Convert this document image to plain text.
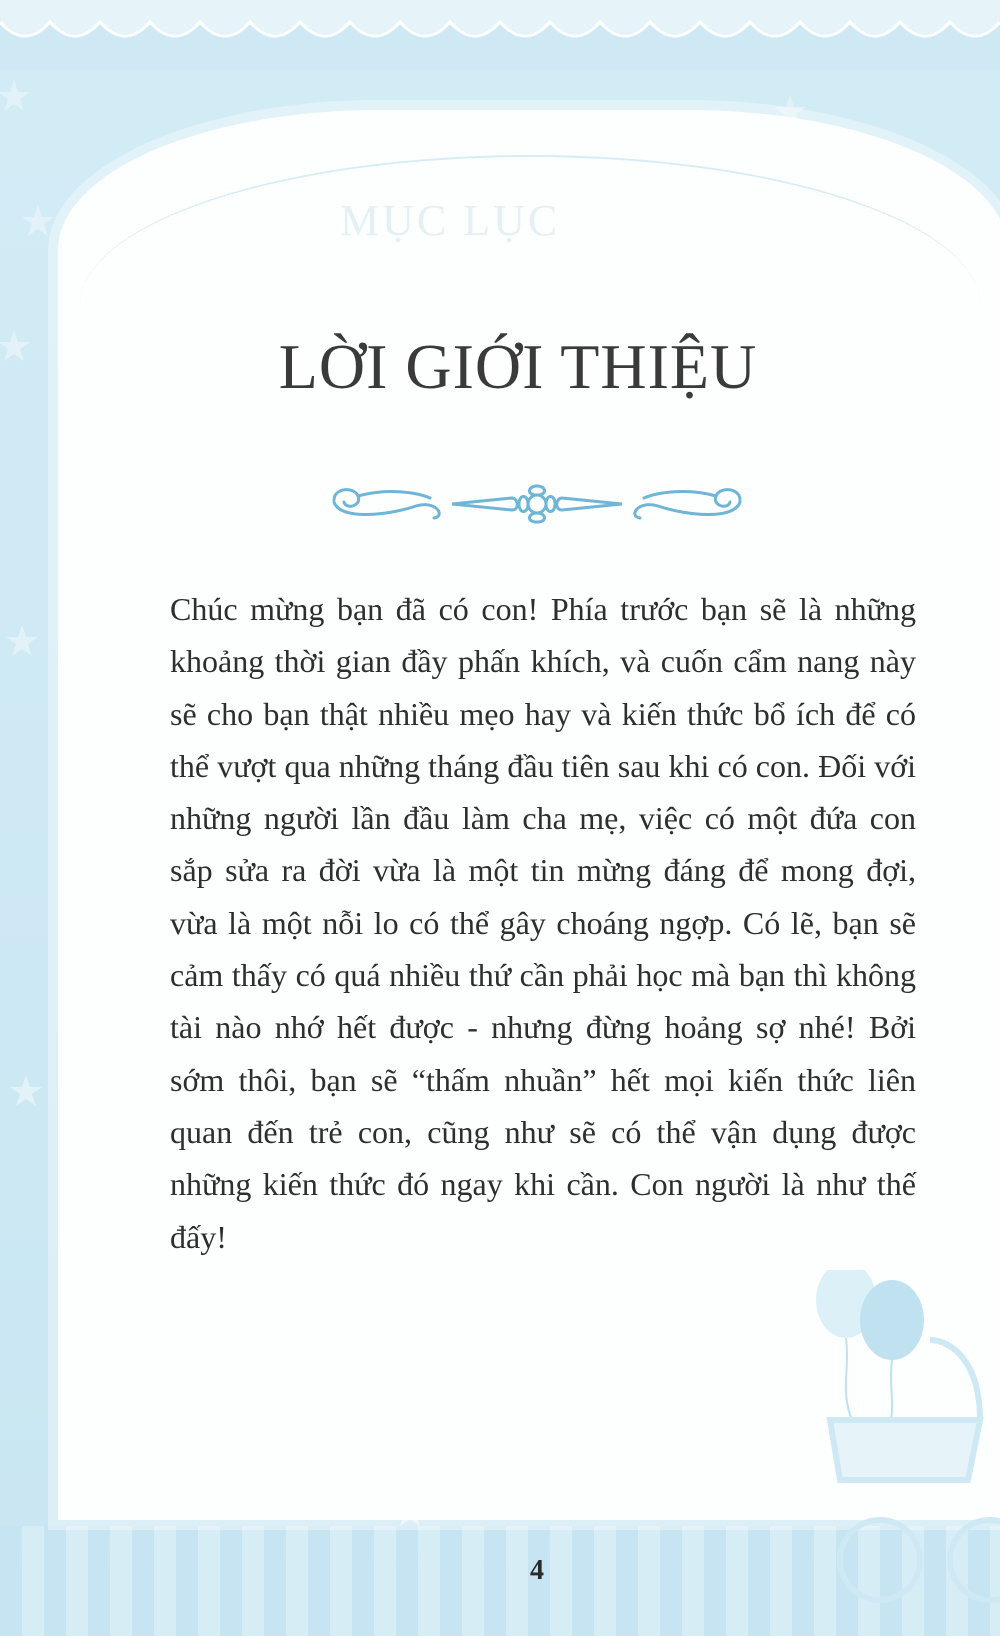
MỤC LỤC
LỜI GIỚI THIỆU

Chúc mừng bạn đã có con! Phía trước bạn sẽ là những khoảng thời gian đầy phấn khích, và cuốn cẩm nang này sẽ cho bạn thật nhiều mẹo hay và kiến thức bổ ích để có thể vượt qua những tháng đầu tiên sau khi có con. Đối với những người lần đầu làm cha mẹ, việc có một đứa con sắp sửa ra đời vừa là một tin mừng đáng để mong đợi, vừa là một nỗi lo có thể gây choáng ngợp. Có lẽ, bạn sẽ cảm thấy có quá nhiều thứ cần phải học mà bạn thì không tài nào nhớ hết được - nhưng đừng hoảng sợ nhé! Bởi sớm thôi, bạn sẽ “thấm nhuần” hết mọi kiến thức liên quan đến trẻ con, cũng như sẽ có thể vận dụng được những kiến thức đó ngay khi cần. Con người là như thế đấy!

4
